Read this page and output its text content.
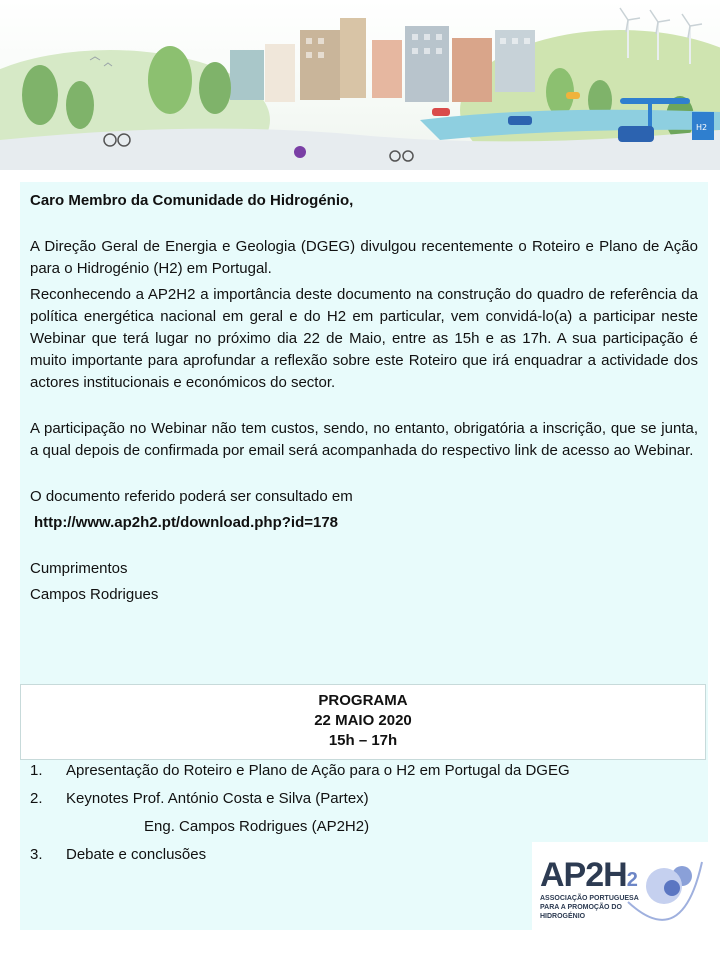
H2

Caro Membro da Comunidade do Hidrogénio,

A Direção Geral de Energia e Geologia (DGEG) divulgou recentemente o Roteiro e Plano de Ação para o Hidrogénio (H2) em Portugal.

Reconhecendo a AP2H2 a importância deste documento na construção do quadro de referência da política energética nacional em geral e do H2 em particular, vem convidá-lo(a) a participar neste Webinar que terá lugar no próximo dia 22 de Maio, entre as 15h e as 17h. A sua participação é muito importante para aprofundar a reflexão sobre este Roteiro que irá enquadrar a actividade dos actores institucionais e económicos do sector.

A participação no Webinar não tem custos, sendo, no entanto, obrigatória a inscrição, que se junta, a qual depois de confirmada por email será acompanhada do respectivo link de acesso ao Webinar.

O documento referido poderá ser consultado em

http://www.ap2h2.pt/download.php?id=178

Cumprimentos

Campos Rodrigues

PROGRAMA
22 MAIO 2020
15h – 17h
1.	Apresentação do Roteiro e Plano de Ação para o H2 em Portugal da DGEG
2.	Keynotes Prof. António Costa e Silva (Partex)
Eng. Campos Rodrigues (AP2H2)
3.	Debate e conclusões
AP2H2
ASSOCIAÇÃO PORTUGUESA PARA A PROMOÇÃO DO HIDROGÉNIO
